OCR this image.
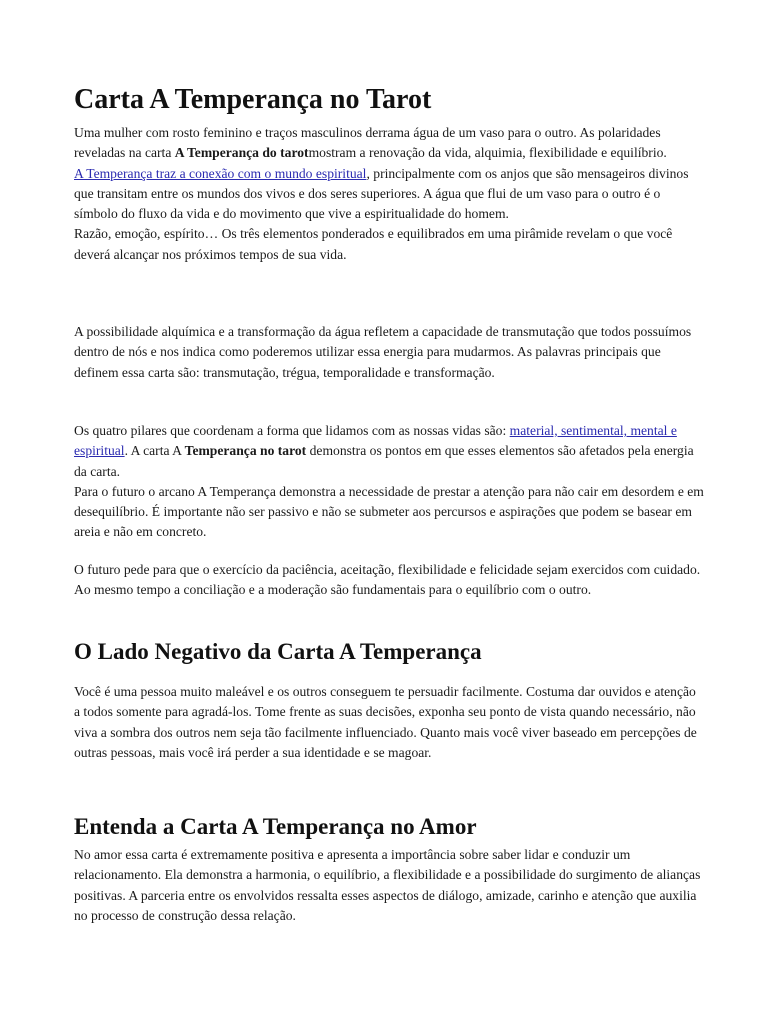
Carta A Temperança no Tarot

Uma mulher com rosto feminino e traços masculinos derrama água de um vaso para o outro. As polaridades reveladas na carta A Temperança do tarotmostram a renovação da vida, alquimia, flexibilidade e equilíbrio.
A Temperança traz a conexão com o mundo espiritual, principalmente com os anjos que são mensageiros divinos que transitam entre os mundos dos vivos e dos seres superiores. A água que flui de um vaso para o outro é o símbolo do fluxo da vida e do movimento que vive a espiritualidade do homem.
Razão, emoção, espírito… Os três elementos ponderados e equilibrados em uma pirâmide revelam o que você deverá alcançar nos próximos tempos de sua vida.

A possibilidade alquímica e a transformação da água refletem a capacidade de transmutação que todos possuímos dentro de nós e nos indica como poderemos utilizar essa energia para mudarmos. As palavras principais que definem essa carta são: transmutação, trégua, temporalidade e transformação.

Os quatro pilares que coordenam a forma que lidamos com as nossas vidas são: material, sentimental, mental e espiritual. A carta A Temperança no tarot demonstra os pontos em que esses elementos são afetados pela energia da carta.
Para o futuro o arcano A Temperança demonstra a necessidade de prestar a atenção para não cair em desordem e em desequilíbrio. É importante não ser passivo e não se submeter aos percursos e aspirações que podem se basear em areia e não em concreto.

O futuro pede para que o exercício da paciência, aceitação, flexibilidade e felicidade sejam exercidos com cuidado. Ao mesmo tempo a conciliação e a moderação são fundamentais para o equilíbrio com o outro.

O Lado Negativo da Carta A Temperança

Você é uma pessoa muito maleável e os outros conseguem te persuadir facilmente. Costuma dar ouvidos e atenção a todos somente para agradá-los. Tome frente as suas decisões, exponha seu ponto de vista quando necessário, não viva a sombra dos outros nem seja tão facilmente influenciado. Quanto mais você viver baseado em percepções de outras pessoas, mais você irá perder a sua identidade e se magoar.

Entenda a Carta A Temperança no Amor

No amor essa carta é extremamente positiva e apresenta a importância sobre saber lidar e conduzir um relacionamento. Ela demonstra a harmonia, o equilíbrio, a flexibilidade e a possibilidade do surgimento de alianças positivas. A parceria entre os envolvidos ressalta esses aspectos de diálogo, amizade, carinho e atenção que auxilia no processo de construção dessa relação.
